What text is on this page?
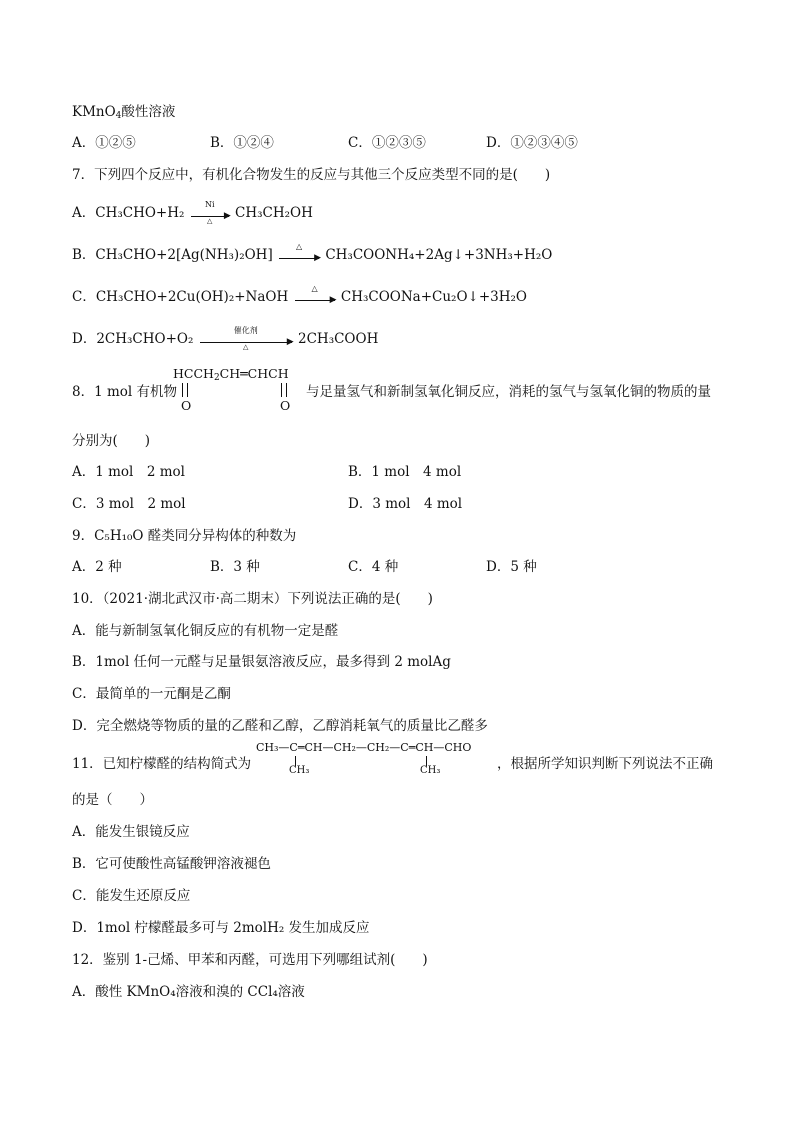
KMnO4酸性溶液
A．①②⑤	B．①②④	C．①②③⑤	D．①②③④⑤
7．下列四个反应中，有机化合物发生的反应与其他三个反应类型不同的是(　　)
A．CH₃CHO+H₂
Ni
▶
△	CH₃CH₂OH
B．CH₃CHO+2[Ag(NH₃)₂OH]
△
▶ CH₃COONH₄+2Ag↓+3NH₃+H₂O
C．CH₃CHO+2Cu(OH)₂+NaOH
△
▶ CH₃COONa+Cu₂O↓+3H₂O
D．2CH₃CHO+O₂
催化剂
▶
△	2CH₃COOH
8．1 mol 有机物
HCCH2CH═CHCH
O	O
与足量氢气和新制氢氧化铜反应，消耗的氢气与氢氧化铜的物质的量
分别为(　　)
A．1 mol　2 mol	B．1 mol　4 mol
C．3 mol　2 mol	D．3 mol　4 mol
9．C₅H₁₀O 醛类同分异构体的种数为
A．2 种	B．3 种	C．4 种	D．5 种
10．（2021·湖北武汉市·高二期末）下列说法正确的是(　　)
A．能与新制氢氧化铜反应的有机物一定是醛
B．1mol 任何一元醛与足量银氨溶液反应，最多得到 2 molAg
C．最简单的一元酮是乙酮
D．完全燃烧等物质的量的乙醛和乙醇，乙醇消耗氧气的质量比乙醛多
11．已知柠檬醛的结构简式为
CH₃—C═CH—CH₂—CH₂—C═CH—CHO
CH₃	CH₃	，根据所学知识判断下列说法不正确
的是（　　）
A．能发生银镜反应
B．它可使酸性高锰酸钾溶液褪色
C．能发生还原反应
D．1mol 柠檬醛最多可与 2molH₂ 发生加成反应
12．鉴别 1-己烯、甲苯和丙醛，可选用下列哪组试剂(　　)
A．酸性 KMnO₄溶液和溴的 CCl₄溶液
